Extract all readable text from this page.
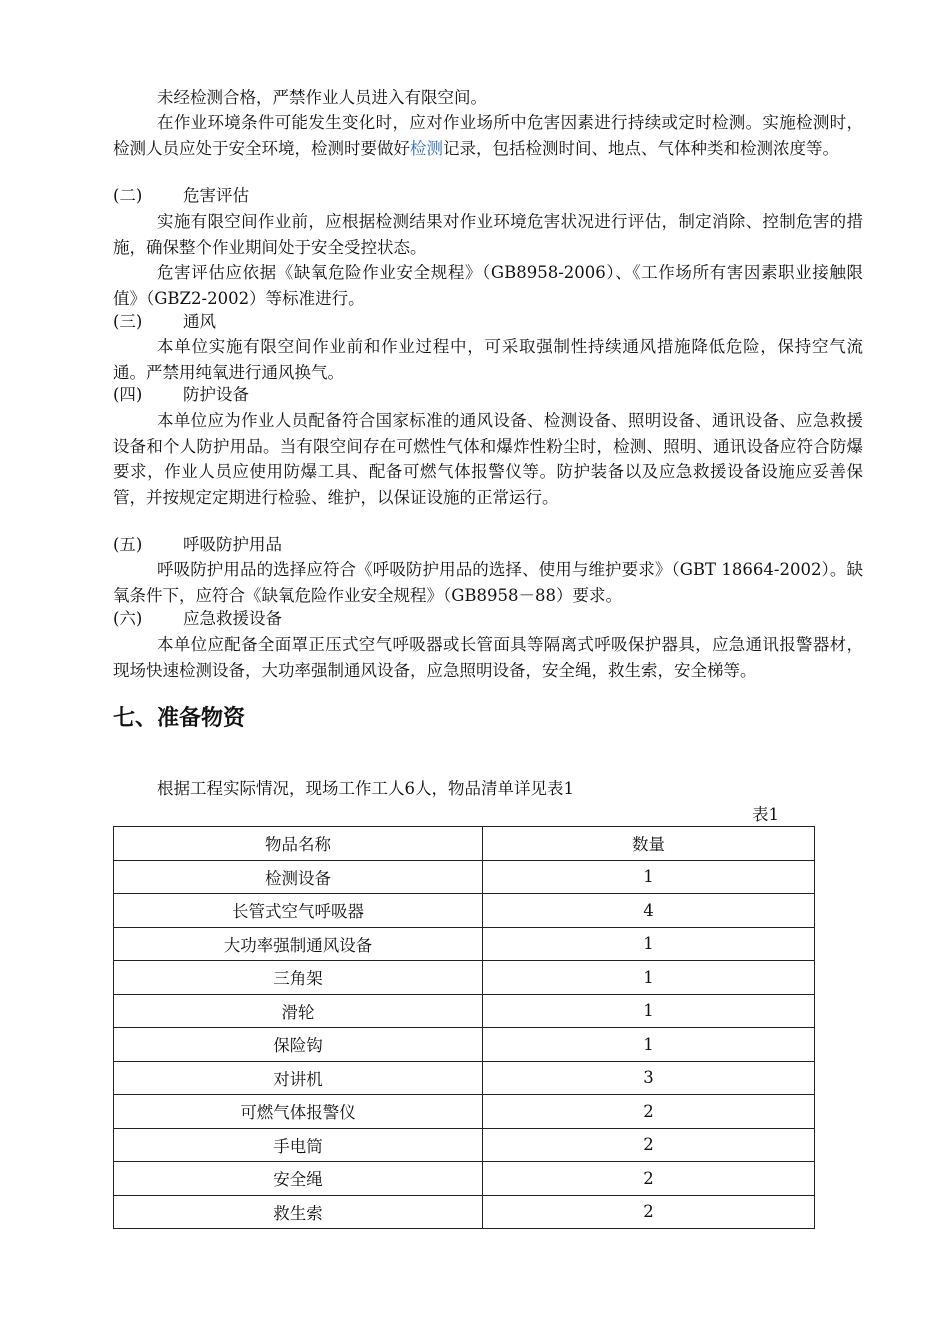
未经检测合格，严禁作业人员进入有限空间。

在作业环境条件可能发生变化时，应对作业场所中危害因素进行持续或定时检测。实施检测时，检测人员应处于安全环境，检测时要做好检测记录，包括检测时间、地点、气体种类和检测浓度等。

(二) 危害评估

实施有限空间作业前，应根据检测结果对作业环境危害状况进行评估，制定消除、控制危害的措施，确保整个作业期间处于安全受控状态。

危害评估应依据《缺氧危险作业安全规程》（GB8958-2006）、《工作场所有害因素职业接触限值》（GBZ2-2002）等标准进行。

(三) 通风

本单位实施有限空间作业前和作业过程中，可采取强制性持续通风措施降低危险，保持空气流通。严禁用纯氧进行通风换气。

(四) 防护设备

本单位应为作业人员配备符合国家标准的通风设备、检测设备、照明设备、通讯设备、应急救援设备和个人防护用品。当有限空间存在可燃性气体和爆炸性粉尘时，检测、照明、通讯设备应符合防爆要求，作业人员应使用防爆工具、配备可燃气体报警仪等。防护装备以及应急救援设备设施应妥善保管，并按规定定期进行检验、维护，以保证设施的正常运行。

(五) 呼吸防护用品

呼吸防护用品的选择应符合《呼吸防护用品的选择、使用与维护要求》（GBT 18664-2002）。缺氧条件下，应符合《缺氧危险作业安全规程》（GB8958－88）要求。

(六) 应急救援设备

本单位应配备全面罩正压式空气呼吸器或长管面具等隔离式呼吸保护器具，应急通讯报警器材，现场快速检测设备，大功率强制通风设备，应急照明设备，安全绳，救生索，安全梯等。

七、准备物资

根据工程实际情况，现场工作工人6人，物品清单详见表1

表1

物品名称	数量
检测设备	1
长管式空气呼吸器	4
大功率强制通风设备	1
三角架	1
滑轮	1
保险钩	1
对讲机	3
可燃气体报警仪	2
手电筒	2
安全绳	2
救生索	2
